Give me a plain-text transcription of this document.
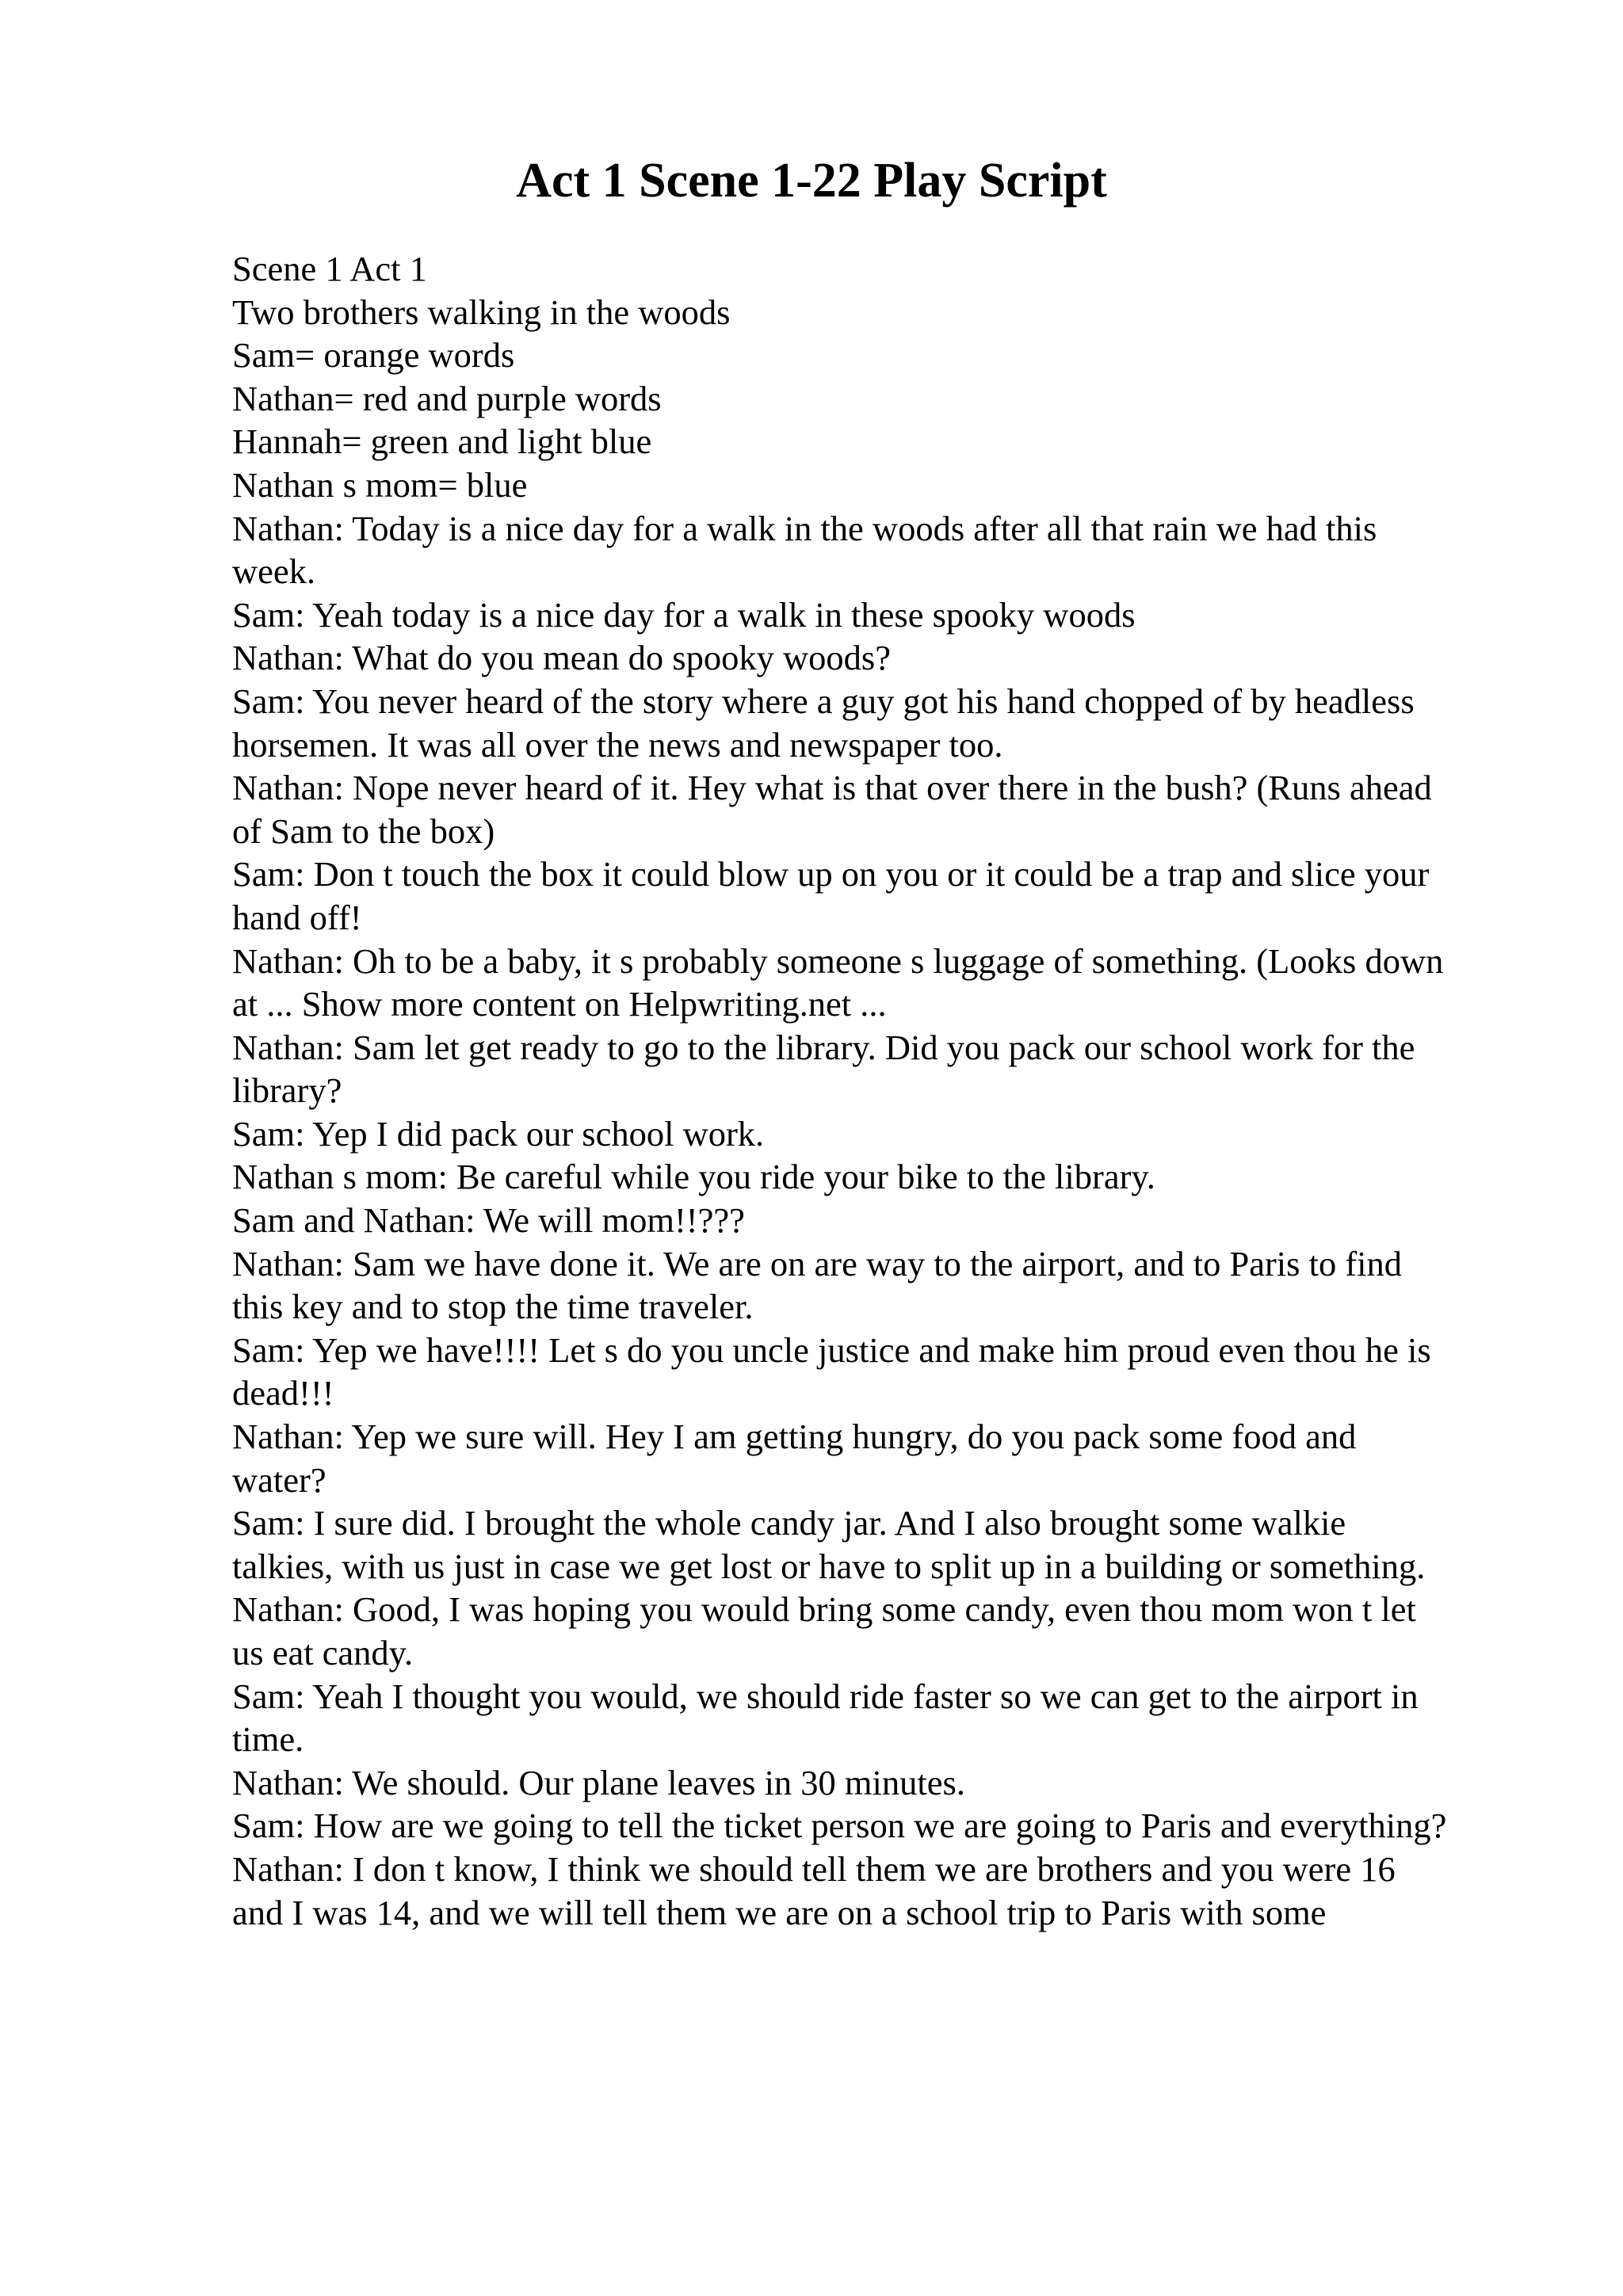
Act 1 Scene 1-22 Play Script
Scene 1 Act 1
Two brothers walking in the woods
Sam= orange words
Nathan= red and purple words
Hannah= green and light blue
Nathan s mom= blue
Nathan: Today is a nice day for a walk in the woods after all that rain we had this
week.
Sam: Yeah today is a nice day for a walk in these spooky woods
Nathan: What do you mean do spooky woods?
Sam: You never heard of the story where a guy got his hand chopped of by headless
horsemen. It was all over the news and newspaper too.
Nathan: Nope never heard of it. Hey what is that over there in the bush? (Runs ahead
of Sam to the box)
Sam: Don t touch the box it could blow up on you or it could be a trap and slice your
hand off!
Nathan: Oh to be a baby, it s probably someone s luggage of something. (Looks down
at ... Show more content on Helpwriting.net ...
Nathan: Sam let get ready to go to the library. Did you pack our school work for the
library?
Sam: Yep I did pack our school work.
Nathan s mom: Be careful while you ride your bike to the library.
Sam and Nathan: We will mom!!???
Nathan: Sam we have done it. We are on are way to the airport, and to Paris to find
this key and to stop the time traveler.
Sam: Yep we have!!!! Let s do you uncle justice and make him proud even thou he is
dead!!!
Nathan: Yep we sure will. Hey I am getting hungry, do you pack some food and
water?
Sam: I sure did. I brought the whole candy jar. And I also brought some walkie
talkies, with us just in case we get lost or have to split up in a building or something.
Nathan: Good, I was hoping you would bring some candy, even thou mom won t let
us eat candy.
Sam: Yeah I thought you would, we should ride faster so we can get to the airport in
time.
Nathan: We should. Our plane leaves in 30 minutes.
Sam: How are we going to tell the ticket person we are going to Paris and everything?
Nathan: I don t know, I think we should tell them we are brothers and you were 16
and I was 14, and we will tell them we are on a school trip to Paris with some
